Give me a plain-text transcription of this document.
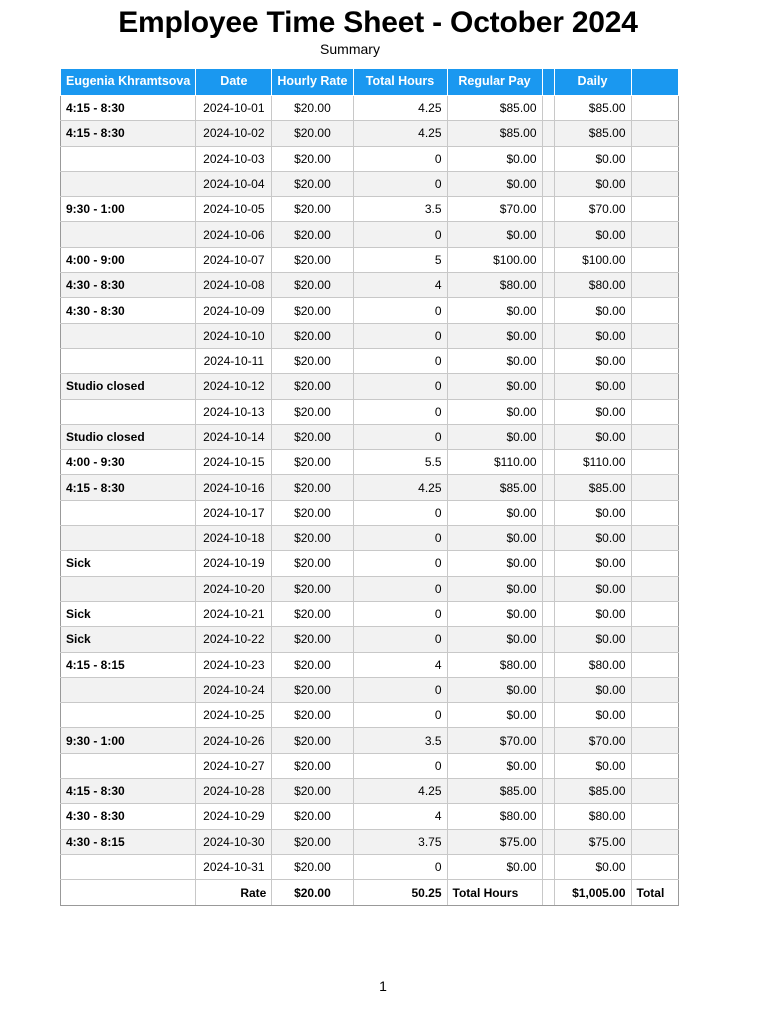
Employee Time Sheet - October 2024
Summary
Eugenia Khramtsova	Date	Hourly Rate	Total Hours	Regular Pay		Daily	
4:15 - 8:30	2024-10-01	$20.00	4.25	$85.00		$85.00	
4:15 - 8:30	2024-10-02	$20.00	4.25	$85.00		$85.00	
	2024-10-03	$20.00	0	$0.00		$0.00	
	2024-10-04	$20.00	0	$0.00		$0.00	
9:30 - 1:00	2024-10-05	$20.00	3.5	$70.00		$70.00	
	2024-10-06	$20.00	0	$0.00		$0.00	
4:00 - 9:00	2024-10-07	$20.00	5	$100.00		$100.00	
4:30 - 8:30	2024-10-08	$20.00	4	$80.00		$80.00	
4:30 - 8:30	2024-10-09	$20.00	0	$0.00		$0.00	
	2024-10-10	$20.00	0	$0.00		$0.00	
	2024-10-11	$20.00	0	$0.00		$0.00	
Studio closed	2024-10-12	$20.00	0	$0.00		$0.00	
	2024-10-13	$20.00	0	$0.00		$0.00	
Studio closed	2024-10-14	$20.00	0	$0.00		$0.00	
4:00 - 9:30	2024-10-15	$20.00	5.5	$110.00		$110.00	
4:15 - 8:30	2024-10-16	$20.00	4.25	$85.00		$85.00	
	2024-10-17	$20.00	0	$0.00		$0.00	
	2024-10-18	$20.00	0	$0.00		$0.00	
Sick	2024-10-19	$20.00	0	$0.00		$0.00	
	2024-10-20	$20.00	0	$0.00		$0.00	
Sick	2024-10-21	$20.00	0	$0.00		$0.00	
Sick	2024-10-22	$20.00	0	$0.00		$0.00	
4:15 - 8:15	2024-10-23	$20.00	4	$80.00		$80.00	
	2024-10-24	$20.00	0	$0.00		$0.00	
	2024-10-25	$20.00	0	$0.00		$0.00	
9:30 - 1:00	2024-10-26	$20.00	3.5	$70.00		$70.00	
	2024-10-27	$20.00	0	$0.00		$0.00	
4:15 - 8:30	2024-10-28	$20.00	4.25	$85.00		$85.00	
4:30 - 8:30	2024-10-29	$20.00	4	$80.00		$80.00	
4:30 - 8:15	2024-10-30	$20.00	3.75	$75.00		$75.00	
	2024-10-31	$20.00	0	$0.00		$0.00	
	Rate	$20.00	50.25	Total Hours		$1,005.00	Total
1
